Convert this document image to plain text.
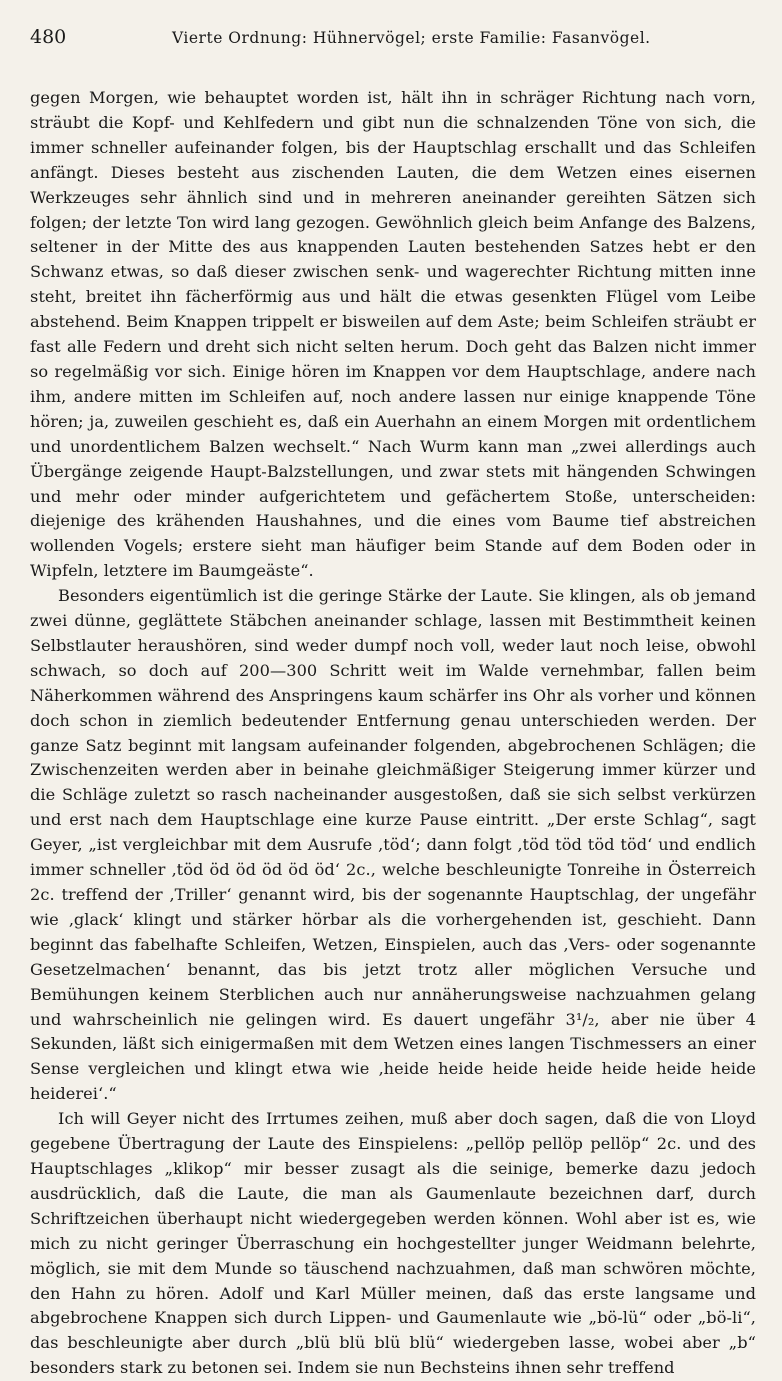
480	Vierte Ordnung: Hühnervögel; erste Familie: Fasanvögel.

gegen Morgen, wie behauptet worden ist, hält ihn in schräger Richtung nach vorn, sträubt die Kopf- und Kehlfedern und gibt nun die schnalzenden Töne von sich, die immer schneller aufeinander folgen, bis der Hauptschlag erschallt und das Schleifen anfängt. Dieses besteht aus zischenden Lauten, die dem Wetzen eines eisernen Werkzeuges sehr ähnlich sind und in mehreren aneinander gereihten Sätzen sich folgen; der letzte Ton wird lang gezogen. Gewöhnlich gleich beim Anfange des Balzens, seltener in der Mitte des aus knappenden Lauten bestehenden Satzes hebt er den Schwanz etwas, so daß dieser zwischen senk- und wagerechter Richtung mitten inne steht, breitet ihn fächerförmig aus und hält die etwas gesenkten Flügel vom Leibe abstehend. Beim Knappen trippelt er bisweilen auf dem Aste; beim Schleifen sträubt er fast alle Federn und dreht sich nicht selten herum. Doch geht das Balzen nicht immer so regelmäßig vor sich. Einige hören im Knappen vor dem Hauptschlage, andere nach ihm, andere mitten im Schleifen auf, noch andere lassen nur einige knappende Töne hören; ja, zuweilen geschieht es, daß ein Auerhahn an einem Morgen mit ordentlichem und unordentlichem Balzen wechselt.“ Nach Wurm kann man „zwei allerdings auch Übergänge zeigende Haupt-Balzstellungen, und zwar stets mit hängenden Schwingen und mehr oder minder aufgerichtetem und gefächertem Stoße, unterscheiden: diejenige des krähenden Haushahnes, und die eines vom Baume tief abstreichen wollenden Vogels; erstere sieht man häufiger beim Stande auf dem Boden oder in Wipfeln, letztere im Baumgeäste“.

Besonders eigentümlich ist die geringe Stärke der Laute. Sie klingen, als ob jemand zwei dünne, geglättete Stäbchen aneinander schlage, lassen mit Bestimmtheit keinen Selbstlauter heraushören, sind weder dumpf noch voll, weder laut noch leise, obwohl schwach, so doch auf 200—300 Schritt weit im Walde vernehmbar, fallen beim Näherkommen während des Anspringens kaum schärfer ins Ohr als vorher und können doch schon in ziemlich bedeutender Entfernung genau unterschieden werden. Der ganze Satz beginnt mit langsam aufeinander folgenden, abgebrochenen Schlägen; die Zwischenzeiten werden aber in beinahe gleichmäßiger Steigerung immer kürzer und die Schläge zuletzt so rasch nacheinander ausgestoßen, daß sie sich selbst verkürzen und erst nach dem Hauptschlage eine kurze Pause eintritt. „Der erste Schlag“, sagt Geyer, „ist vergleichbar mit dem Ausrufe ‚töd‘; dann folgt ‚töd töd töd töd‘ und endlich immer schneller ‚töd öd öd öd öd öd‘ 2c., welche beschleunigte Tonreihe in Österreich 2c. treffend der ‚Triller‘ genannt wird, bis der sogenannte Hauptschlag, der ungefähr wie ‚glack‘ klingt und stärker hörbar als die vorhergehenden ist, geschieht. Dann beginnt das fabelhafte Schleifen, Wetzen, Einspielen, auch das ‚Vers- oder sogenannte Gesetzelmachen‘ benannt, das bis jetzt trotz aller möglichen Versuche und Bemühungen keinem Sterblichen auch nur annäherungsweise nachzuahmen gelang und wahrscheinlich nie gelingen wird. Es dauert ungefähr 3¹/₂, aber nie über 4 Sekunden, läßt sich einigermaßen mit dem Wetzen eines langen Tischmessers an einer Sense vergleichen und klingt etwa wie ‚heide heide heide heide heide heide heide heiderei‘.“

Ich will Geyer nicht des Irrtumes zeihen, muß aber doch sagen, daß die von Lloyd gegebene Übertragung der Laute des Einspielens: „pellöp pellöp pellöp“ 2c. und des Hauptschlages „klikop“ mir besser zusagt als die seinige, bemerke dazu jedoch ausdrücklich, daß die Laute, die man als Gaumenlaute bezeichnen darf, durch Schriftzeichen überhaupt nicht wiedergegeben werden können. Wohl aber ist es, wie mich zu nicht geringer Überraschung ein hochgestellter junger Weidmann belehrte, möglich, sie mit dem Munde so täuschend nachzuahmen, daß man schwören möchte, den Hahn zu hören. Adolf und Karl Müller meinen, daß das erste langsame und abgebrochene Knappen sich durch Lippen- und Gaumenlaute wie „bö-lü“ oder „bö-li“, das beschleunigte aber durch „blü blü blü blü“ wiedergeben lasse, wobei aber „b“ besonders stark zu betonen sei. Indem sie nun Bechsteins ihnen sehr treffend
